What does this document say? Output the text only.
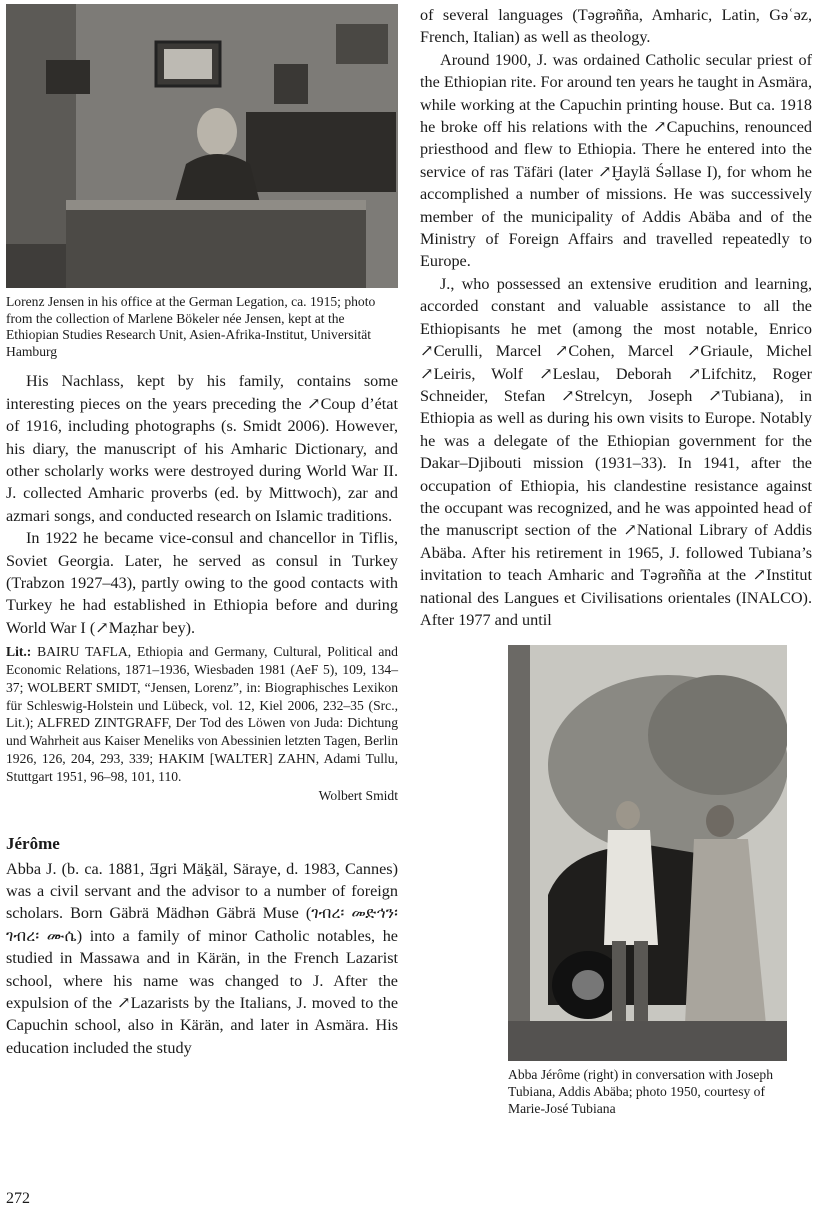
Lorenz Jensen in his office at the German Legation, ca. 1915; photo from the collection of Marlene Bökeler née Jensen, kept at the Ethiopian Studies Research Unit, Asien-Afrika-Institut, Universität Hamburg

His Nachlass, kept by his family, contains some interesting pieces on the years preceding the ↗Coup d’état of 1916, including photographs (s. Smidt 2006). However, his diary, the manuscript of his Amharic Dictionary, and other scholarly works were destroyed during World War II. J. collected Amharic proverbs (ed. by Mittwoch), zar and azmari songs, and conducted research on Islamic traditions.

In 1922 he became vice-consul and chancellor in Tiflis, Soviet Georgia. Later, he served as consul in Turkey (Trabzon 1927–43), partly owing to the good contacts with Turkey he had established in Ethiopia before and during World War I (↗Maẓhar bey).

Lit.: BAIRU TAFLA, Ethiopia and Germany, Cultural, Political and Economic Relations, 1871–1936, Wiesbaden 1981 (AeF 5), 109, 134–37; WOLBERT SMIDT, “Jensen, Lorenz”, in: Biographisches Lexikon für Schleswig-Holstein und Lübeck, vol. 12, Kiel 2006, 232–35 (Src., Lit.); ALFRED ZINTGRAFF, Der Tod des Löwen von Juda: Dichtung und Wahrheit aus Kaiser Meneliks von Abessinien letzten Tagen, Berlin 1926, 126, 204, 293, 339; HAKIM [WALTER] ZAHN, Adami Tullu, Stuttgart 1951, 96–98, 101, 110.
Wolbert Smidt
Jérôme

Abba J. (b. ca. 1881, Ǝgri Mäḵäl, Säraye, d. 1983, Cannes) was a civil servant and the advisor to a number of foreign scholars. Born Gäbrä Mädhən Gäbrä Muse (ገብረ፡ መድኅን፡ ገብረ፡ ሙሴ) into a family of minor Catholic notables, he studied in Massawa and in Kärän, in the French Lazarist school, where his name was changed to J. After the expulsion of the ↗Lazarists by the Italians, J. moved to the Capuchin school, also in Kärän, and later in Asmära. His education included the study

of several languages (Təgrəñña, Amharic, Latin, Gəʿəz, French, Italian) as well as theology.

Around 1900, J. was ordained Catholic secular priest of the Ethiopian rite. For around ten years he taught in Asmära, while working at the Capuchin printing house. But ca. 1918 he broke off his relations with the ↗Capuchins, renounced priesthood and flew to Ethiopia. There he entered into the service of ras Täfäri (later ↗Ḫaylä Śəllase I), for whom he accomplished a number of missions. He was successively member of the municipality of Addis Abäba and of the Ministry of Foreign Affairs and travelled repeatedly to Europe.

J., who possessed an extensive erudition and learning, accorded constant and valuable assistance to all the Ethiopisants he met (among the most notable, Enrico ↗Cerulli, Marcel ↗Cohen, Marcel ↗Griaule, Michel ↗Leiris, Wolf ↗Leslau, Deborah ↗Lifchitz, Roger Schneider, Stefan ↗Strelcyn, Joseph ↗Tubiana), in Ethiopia as well as during his own visits to Europe. Notably he was a delegate of the Ethiopian government for the Dakar–Djibouti mission (1931–33). In 1941, after the occupation of Ethiopia, his clandestine resistance against the occupant was recognized, and he was appointed head of the manuscript section of the ↗National Library of Addis Abäba. After his retirement in 1965, J. followed Tubiana’s invitation to teach Amharic and Təgrəñña at the ↗Institut national des Langues et Civilisations orientales (INALCO). After 1977 and until

Abba Jérôme (right) in conversation with Joseph Tubiana, Addis Abäba; photo 1950, courtesy of Marie-José Tubiana

272
